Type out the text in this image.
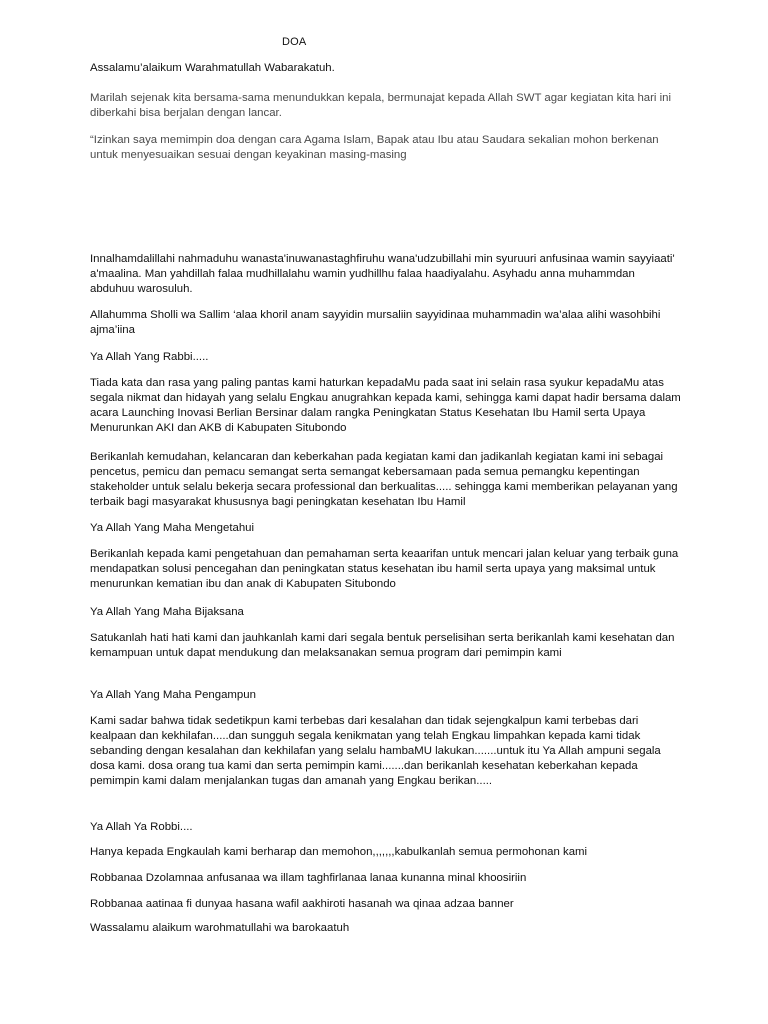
DOA

Assalamu’alaikum Warahmatullah Wabarakatuh.

Marilah sejenak kita bersama-sama menundukkan kepala, bermunajat kepada Allah SWT agar kegiatan kita hari ini diberkahi bisa berjalan dengan lancar.

“Izinkan saya memimpin doa dengan cara Agama Islam, Bapak atau Ibu atau Saudara sekalian mohon berkenan untuk menyesuaikan sesuai dengan keyakinan masing-masing

Innalhamdalillahi nahmaduhu wanasta'inuwanastaghfiruhu wana'udzubillahi min syuruuri anfusinaa wamin sayyiaati' a'maalina. Man yahdillah falaa mudhillalahu wamin yudhillhu falaa haadiyalahu. Asyhadu anna muhammdan abduhuu warosuluh.

Allahumma Sholli wa Sallim ‘alaa khoril anam sayyidin mursaliin sayyidinaa muhammadin wa’alaa alihi wasohbihi ajma’iina

Ya Allah Yang Rabbi.....

Tiada kata dan rasa yang paling pantas kami haturkan kepadaMu pada saat ini selain rasa syukur kepadaMu atas segala nikmat dan hidayah yang selalu Engkau anugrahkan kepada kami, sehingga kami dapat hadir bersama dalam acara Launching Inovasi Berlian Bersinar dalam rangka Peningkatan Status Kesehatan Ibu Hamil serta Upaya Menurunkan AKI dan AKB di Kabupaten Situbondo

Berikanlah kemudahan, kelancaran dan keberkahan pada kegiatan kami dan jadikanlah kegiatan kami ini sebagai pencetus, pemicu dan pemacu semangat serta semangat kebersamaan pada semua pemangku kepentingan stakeholder untuk selalu bekerja secara professional dan berkualitas..... sehingga kami memberikan pelayanan yang terbaik bagi masyarakat khususnya bagi peningkatan kesehatan Ibu Hamil

Ya Allah Yang Maha Mengetahui

Berikanlah kepada kami pengetahuan dan pemahaman serta keaarifan untuk mencari jalan keluar yang terbaik guna mendapatkan solusi pencegahan dan peningkatan status kesehatan ibu hamil serta upaya yang maksimal untuk menurunkan kematian ibu dan anak di Kabupaten Situbondo

Ya Allah Yang Maha Bijaksana

Satukanlah hati hati kami dan jauhkanlah kami dari segala bentuk perselisihan serta berikanlah kami kesehatan dan kemampuan untuk dapat mendukung dan melaksanakan semua program dari pemimpin kami

Ya Allah Yang Maha Pengampun

Kami sadar bahwa tidak sedetikpun kami terbebas dari kesalahan dan tidak sejengkalpun kami terbebas dari kealpaan dan kekhilafan.....dan sungguh segala kenikmatan yang telah Engkau limpahkan kepada kami tidak sebanding dengan kesalahan dan kekhilafan yang selalu hambaMU lakukan.......untuk itu Ya Allah ampuni segala dosa kami. dosa orang tua kami dan serta pemimpin kami.......dan berikanlah kesehatan keberkahan kepada pemimpin kami dalam menjalankan tugas dan amanah yang Engkau berikan.....

Ya Allah Ya Robbi....

Hanya kepada Engkaulah kami berharap dan memohon,,,,,,,kabulkanlah semua permohonan kami

Robbanaa Dzolamnaa anfusanaa wa illam taghfirlanaa lanaa kunanna minal khoosiriin

Robbanaa aatinaa fi dunyaa hasana wafil aakhiroti hasanah wa qinaa adzaa banner

Wassalamu alaikum warohmatullahi wa barokaatuh
